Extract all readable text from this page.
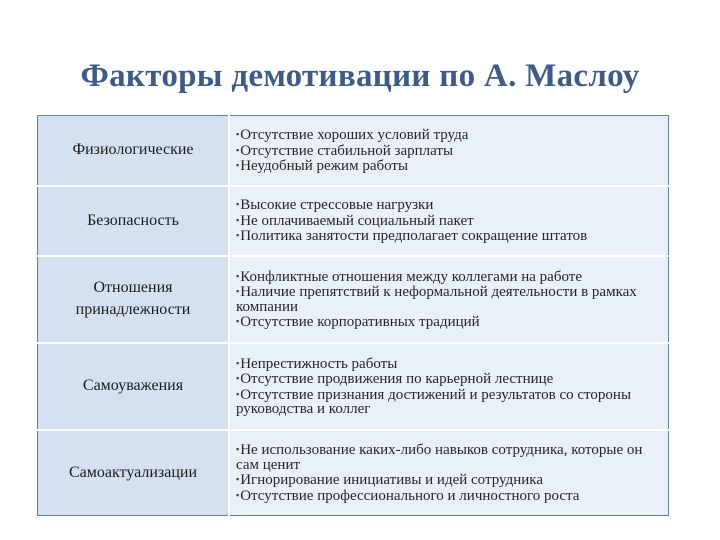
Факторы демотивации по А. Маслоу
Физиологические	▪Отсутствие хороших условий труда
▪Отсутствие стабильной зарплаты
▪Неудобный режим работы

Безопасность	▪Высокие стрессовые нагрузки
▪Не оплачиваемый социальный пакет
▪Политика занятости предполагает сокращение штатов

Отношения
принадлежности	▪Конфликтные отношения между коллегами на работе
▪Наличие препятствий к неформальной деятельности в рамках компании
▪Отсутствие корпоративных традиций

Самоуважения	▪Непрестижность работы
▪Отсутствие продвижения по карьерной лестнице
▪Отсутствие признания достижений и результатов со стороны руководства и коллег

Самоактуализации	▪Не использование каких-либо навыков сотрудника, которые он сам ценит
▪Игнорирование инициативы и идей сотрудника
▪Отсутствие профессионального и личностного роста
